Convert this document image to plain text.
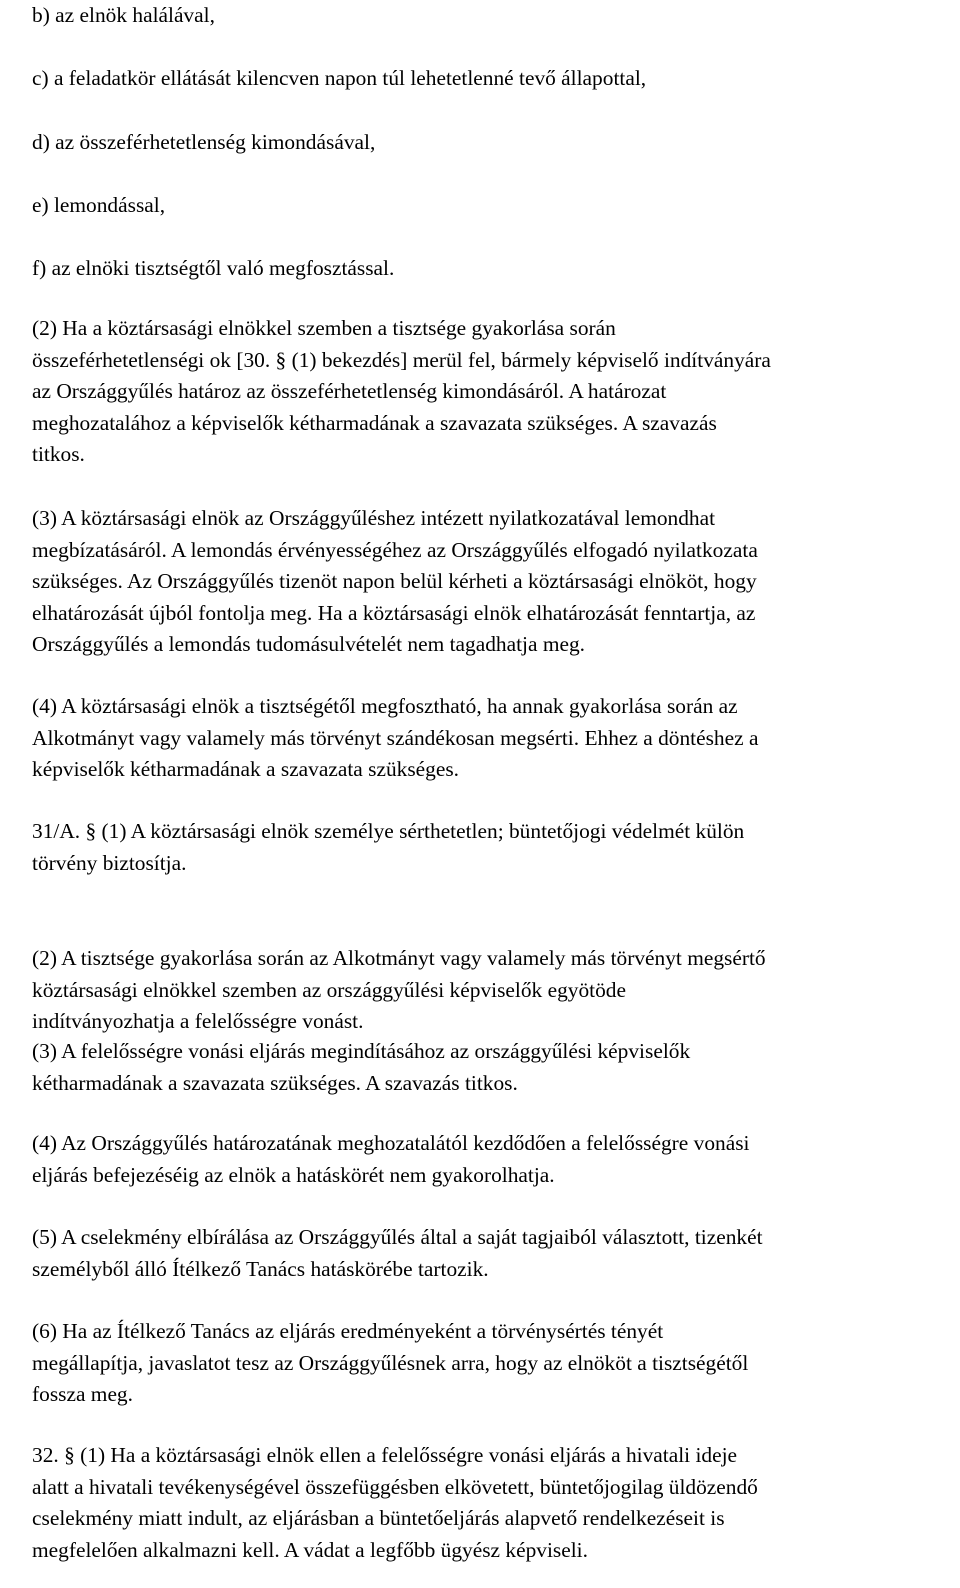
b) az elnök halálával,
c) a feladatkör ellátását kilencven napon túl lehetetlenné tevő állapottal,
d) az összeférhetetlenség kimondásával,
e) lemondással,
f) az elnöki tisztségtől való megfosztással.
(2) Ha a köztársasági elnökkel szemben a tisztsége gyakorlása során
összeférhetetlenségi ok [30. § (1) bekezdés] merül fel, bármely képviselő indítványára
az Országgyűlés határoz az összeférhetetlenség kimondásáról. A határozat
meghozatalához a képviselők kétharmadának a szavazata szükséges. A szavazás
titkos.
(3) A köztársasági elnök az Országgyűléshez intézett nyilatkozatával lemondhat
megbízatásáról. A lemondás érvényességéhez az Országgyűlés elfogadó nyilatkozata
szükséges. Az Országgyűlés tizenöt napon belül kérheti a köztársasági elnököt, hogy
elhatározását újból fontolja meg. Ha a köztársasági elnök elhatározását fenntartja, az
Országgyűlés a lemondás tudomásulvételét nem tagadhatja meg.
(4) A köztársasági elnök a tisztségétől megfosztható, ha annak gyakorlása során az
Alkotmányt vagy valamely más törvényt szándékosan megsérti. Ehhez a döntéshez a
képviselők kétharmadának a szavazata szükséges.
31/A. § (1) A köztársasági elnök személye sérthetetlen; büntetőjogi védelmét külön
törvény biztosítja.
(2) A tisztsége gyakorlása során az Alkotmányt vagy valamely más törvényt megsértő
köztársasági elnökkel szemben az országgyűlési képviselők egyötöde
indítványozhatja a felelősségre vonást.
(3) A felelősségre vonási eljárás megindításához az országgyűlési képviselők
kétharmadának a szavazata szükséges. A szavazás titkos.
(4) Az Országgyűlés határozatának meghozatalától kezdődően a felelősségre vonási
eljárás befejezéséig az elnök a hatáskörét nem gyakorolhatja.
(5) A cselekmény elbírálása az Országgyűlés által a saját tagjaiból választott, tizenkét
személyből álló Ítélkező Tanács hatáskörébe tartozik.
(6) Ha az Ítélkező Tanács az eljárás eredményeként a törvénysértés tényét
megállapítja, javaslatot tesz az Országgyűlésnek arra, hogy az elnököt a tisztségétől
fossza meg.
32. § (1) Ha a köztársasági elnök ellen a felelősségre vonási eljárás a hivatali ideje
alatt a hivatali tevékenységével összefüggésben elkövetett, büntetőjogilag üldözendő
cselekmény miatt indult, az eljárásban a büntetőeljárás alapvető rendelkezéseit is
megfelelően alkalmazni kell. A vádat a legfőbb ügyész képviseli.
